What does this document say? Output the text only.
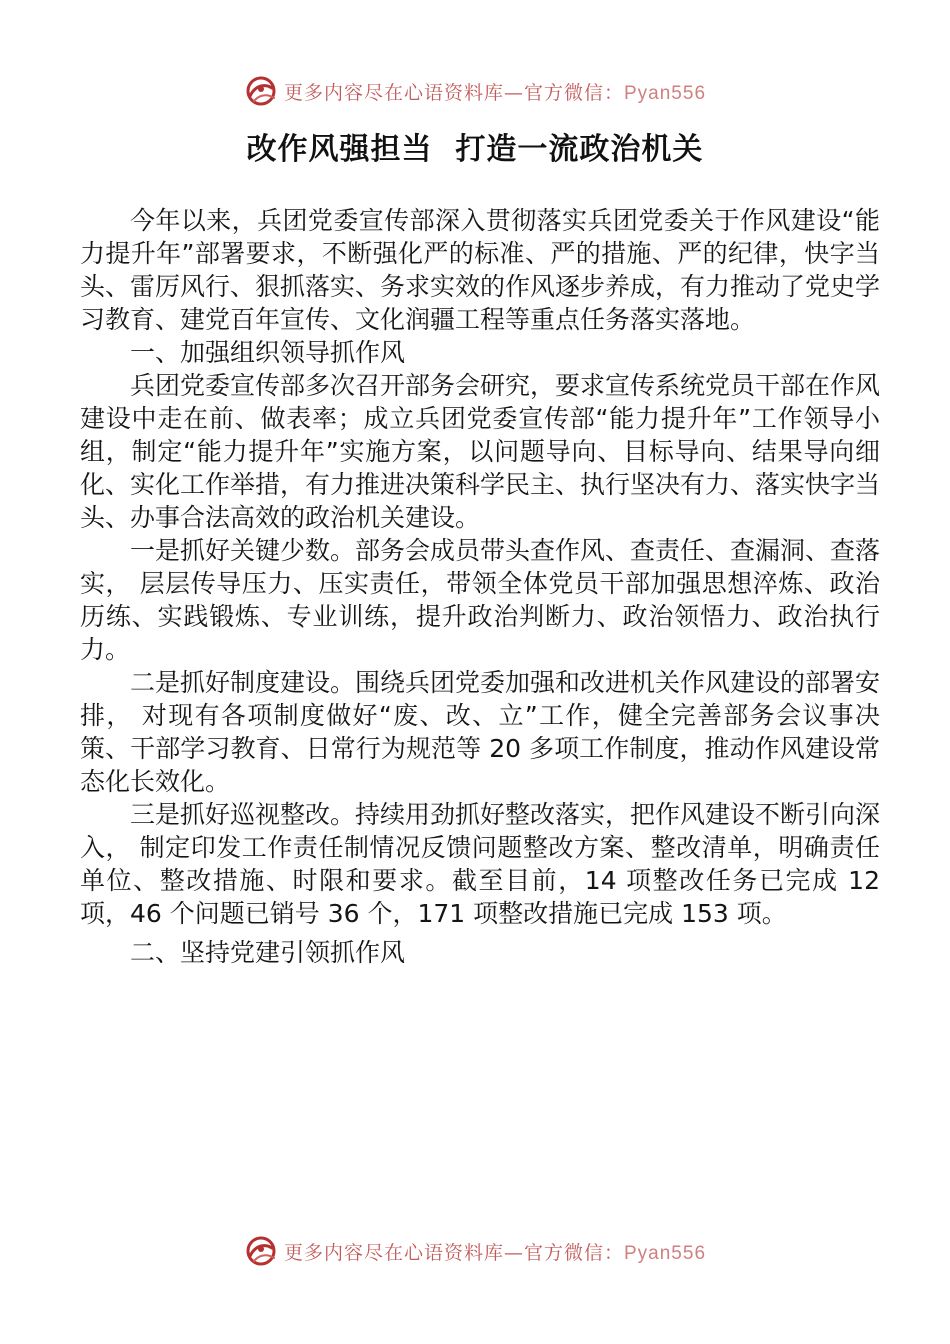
更多内容尽在心语资料库—官方微信：Pyan556
改作风强担当  打造一流政治机关

今年以来，兵团党委宣传部深入贯彻落实兵团党委关于作风建设“能力提升年”部署要求，不断强化严的标准、严的措施、严的纪律，快字当头、雷厉风行、狠抓落实、务求实效的作风逐步养成，有力推动了党史学习教育、建党百年宣传、文化润疆工程等重点任务落实落地。

一、加强组织领导抓作风

兵团党委宣传部多次召开部务会研究，要求宣传系统党员干部在作风建设中走在前、做表率；成立兵团党委宣传部“能力提升年”工作领导小组，制定“能力提升年”实施方案，以问题导向、目标导向、结果导向细化、实化工作举措，有力推进决策科学民主、执行坚决有力、落实快字当头、办事合法高效的政治机关建设。

一是抓好关键少数。部务会成员带头查作风、查责任、查漏洞、查落实， 层层传导压力、压实责任，带领全体党员干部加强思想淬炼、政治历练、实践锻炼、专业训练，提升政治判断力、政治领悟力、政治执行力。

二是抓好制度建设。围绕兵团党委加强和改进机关作风建设的部署安排， 对现有各项制度做好“废、改、立”工作，健全完善部务会议事决策、干部学习教育、日常行为规范等 20 多项工作制度，推动作风建设常态化长效化。

三是抓好巡视整改。持续用劲抓好整改落实，把作风建设不断引向深入， 制定印发工作责任制情况反馈问题整改方案、整改清单，明确责任单位、整改措施、时限和要求。截至目前，14 项整改任务已完成 12 项，46 个问题已销号 36 个，171 项整改措施已完成 153 项。

二、坚持党建引领抓作风

更多内容尽在心语资料库—官方微信：Pyan556
